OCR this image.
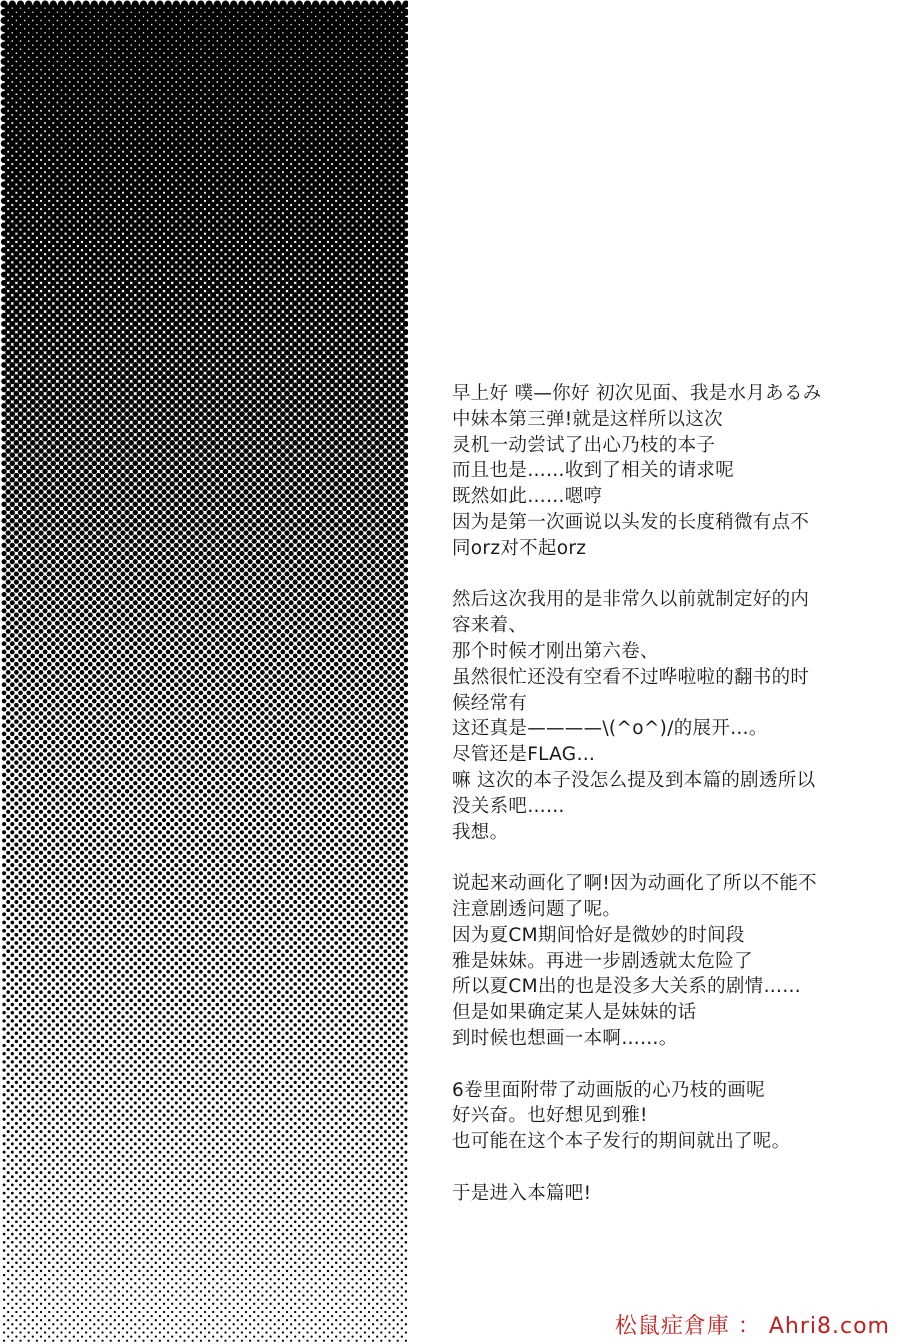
早上好 噗—你好 初次见面、我是水月あるみ
中妹本第三弹!就是这样所以这次
灵机一动尝试了出心乃枝的本子
而且也是……收到了相关的请求呢
既然如此……嗯哼
因为是第一次画说以头发的长度稍微有点不
同orz对不起orz
然后这次我用的是非常久以前就制定好的内
容来着、
那个时候才刚出第六卷、
虽然很忙还没有空看不过哗啦啦的翻书的时
候经常有
这还真是————\(^o^)/的展开…。
尽管还是FLAG…
嘛 这次的本子没怎么提及到本篇的剧透所以
没关系吧……
我想。
说起来动画化了啊!因为动画化了所以不能不
注意剧透问题了呢。
因为夏CM期间恰好是微妙的时间段
雅是妹妹。再进一步剧透就太危险了
所以夏CM出的也是没多大关系的剧情……
但是如果确定某人是妹妹的话
到时候也想画一本啊……。
6卷里面附带了动画版的心乃枝的画呢
好兴奋。也好想见到雅!
也可能在这个本子发行的期间就出了呢。
于是进入本篇吧!
松鼠症倉庫 ： Ahri8.com
